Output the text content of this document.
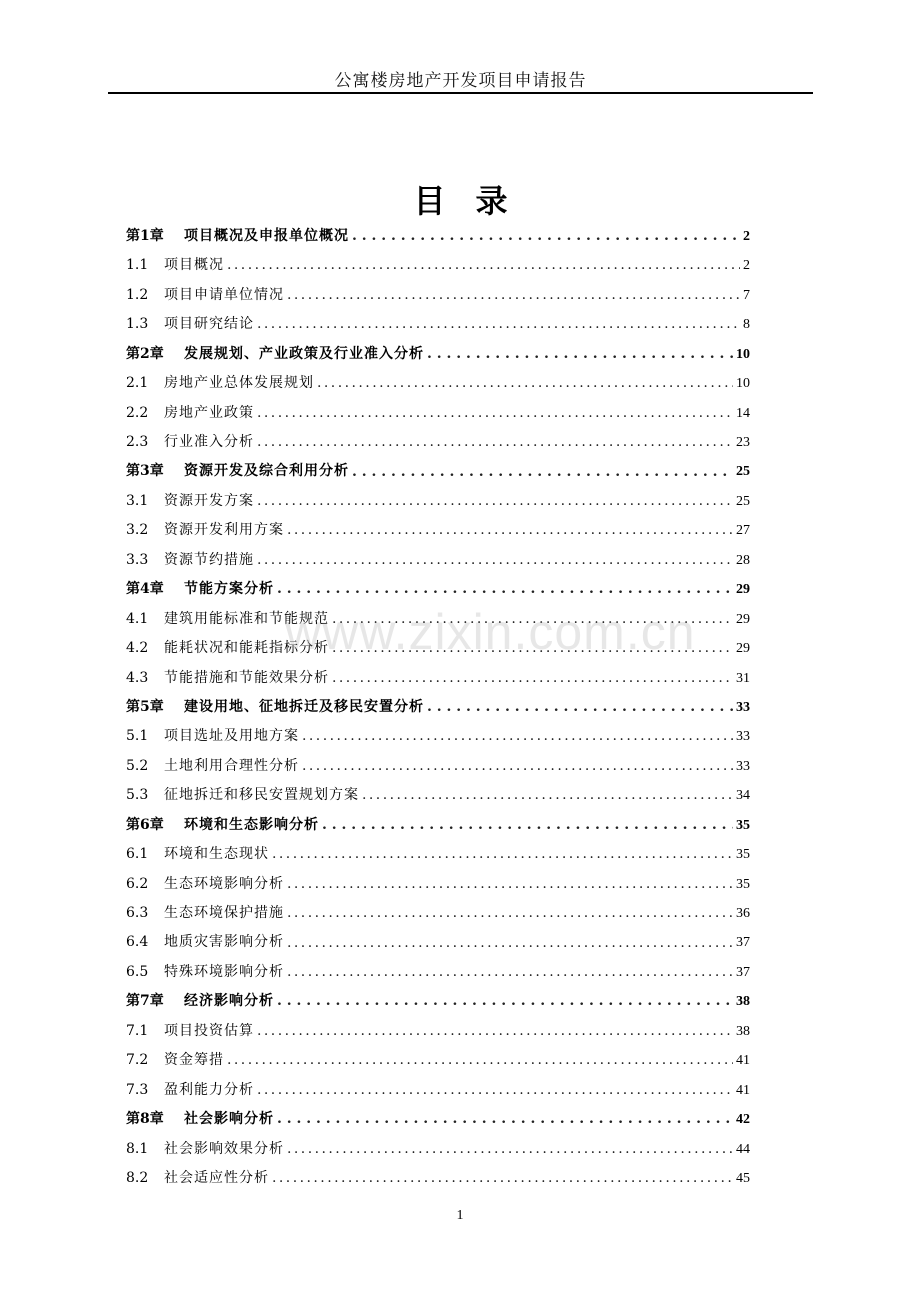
公寓楼房地产开发项目申请报告
目录
第1章	项目概况及申报单位概况 . . .	2
1.1	项目概况 . . .	2
1.2	项目申请单位情况 . . .	7
1.3	项目研究结论 . . .	8
第2章	发展规划、产业政策及行业准入分析 . . .	10
2.1	房地产业总体发展规划 . . .	10
2.2	房地产业政策 . . .	14
2.3	行业准入分析 . . .	23
第3章	资源开发及综合利用分析 . . .	25
3.1	资源开发方案 . . .	25
3.2	资源开发利用方案 . . .	27
3.3	资源节约措施 . . .	28
第4章	节能方案分析 . . .	29
4.1	建筑用能标准和节能规范 . . .	29
4.2	能耗状况和能耗指标分析 . . .	29
4.3	节能措施和节能效果分析 . . .	31
第5章	建设用地、征地拆迁及移民安置分析 . . .	33
5.1	项目选址及用地方案 . . .	33
5.2	土地利用合理性分析 . . .	33
5.3	征地拆迁和移民安置规划方案 . . .	34
第6章	环境和生态影响分析 . . .	35
6.1	环境和生态现状 . . .	35
6.2	生态环境影响分析 . . .	35
6.3	生态环境保护措施 . . .	36
6.4	地质灾害影响分析 . . .	37
6.5	特殊环境影响分析 . . .	37
第7章	经济影响分析 . . .	38
7.1	项目投资估算 . . .	38
7.2	资金筹措 . . .	41
7.3	盈利能力分析 . . .	41
第8章	社会影响分析 . . .	42
8.1	社会影响效果分析 . . .	44
8.2	社会适应性分析 . . .	45
www.zixin.com.cn
1
